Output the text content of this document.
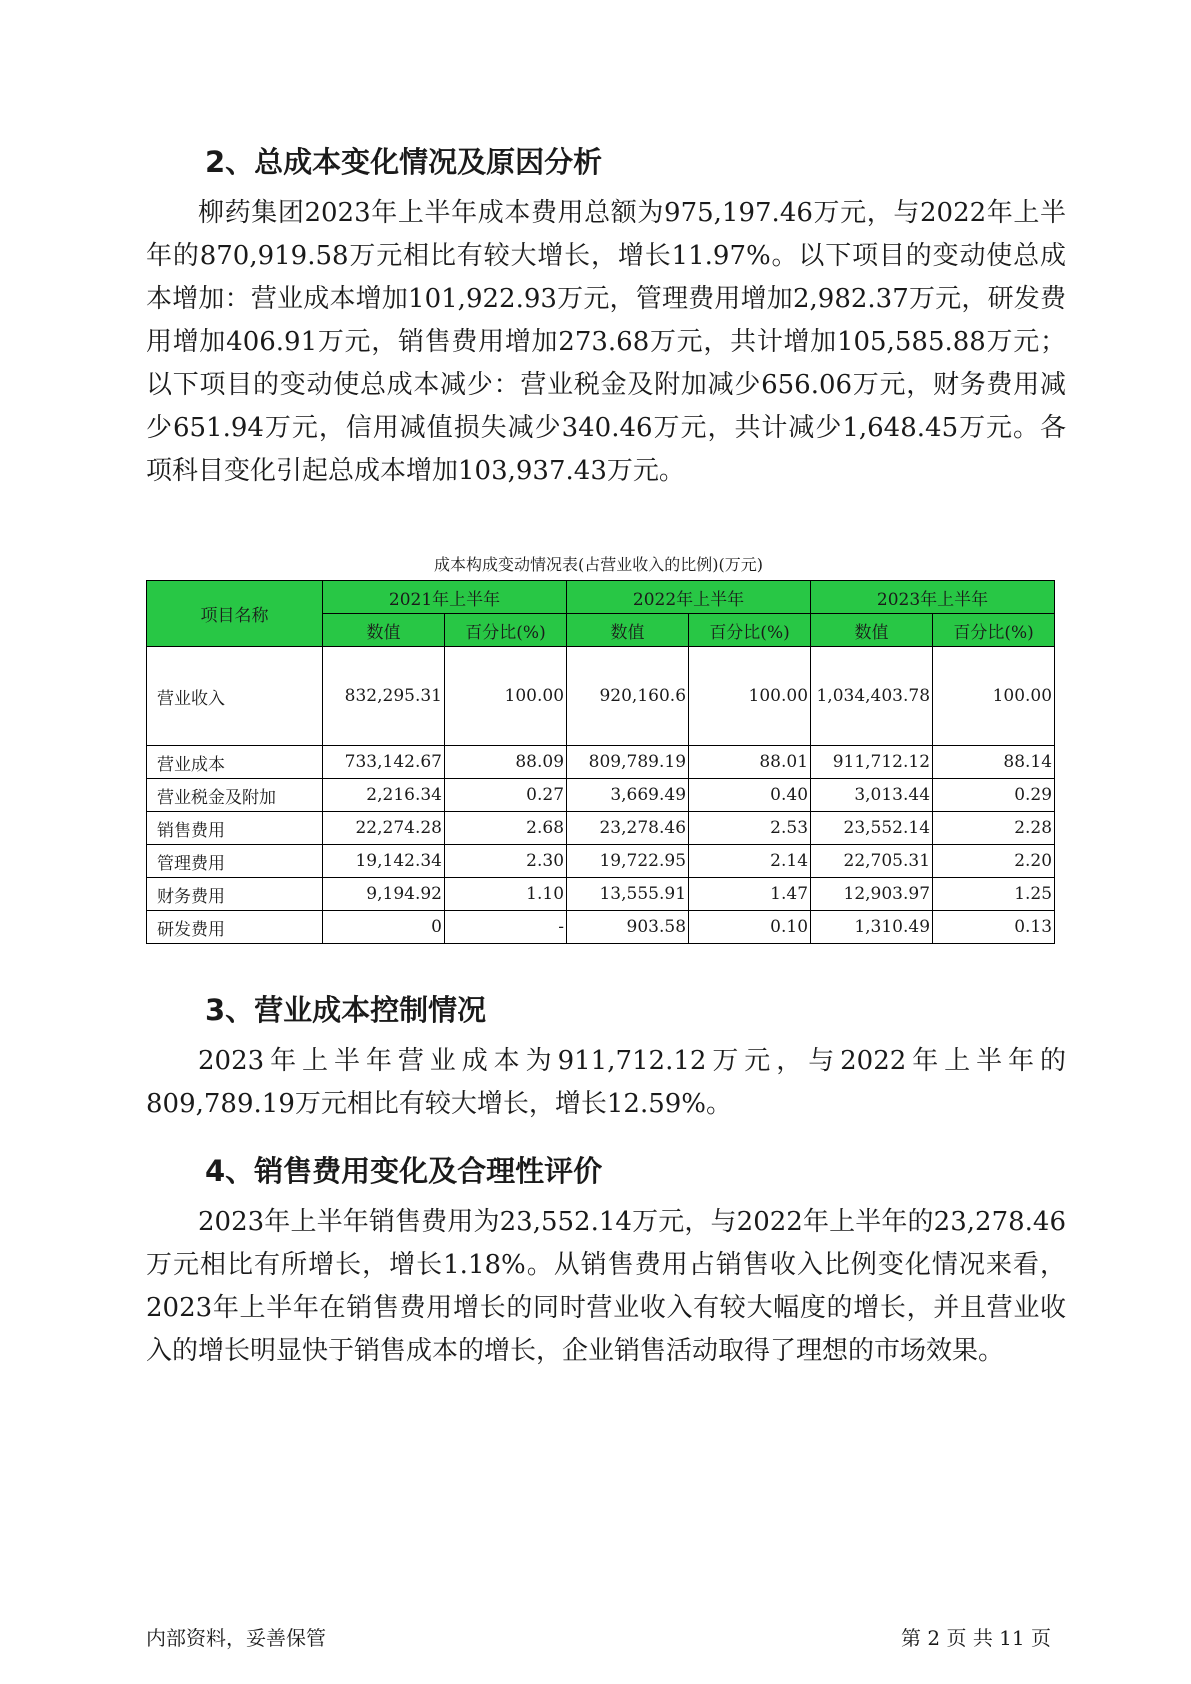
2、总成本变化情况及原因分析

柳药集团2023年上半年成本费用总额为975,197.46万元，与2022年上半年的870,919.58万元相比有较大增长，增长11.97%。以下项目的变动使总成本增加：营业成本增加101,922.93万元，管理费用增加2,982.37万元，研发费用增加406.91万元，销售费用增加273.68万元，共计增加105,585.88万元；以下项目的变动使总成本减少：营业税金及附加减少656.06万元，财务费用减少651.94万元，信用减值损失减少340.46万元，共计减少1,648.45万元。各项科目变化引起总成本增加103,937.43万元。

成本构成变动情况表(占营业收入的比例)(万元)
项目名称	2021年上半年		2022年上半年		2023年上半年	
	数值	百分比(%)	数值	百分比(%)	数值	百分比(%)
营业收入	832,295.31	100.00	920,160.6	100.00	1,034,403.78	100.00
营业成本	733,142.67	88.09	809,789.19	88.01	911,712.12	88.14
营业税金及附加	2,216.34	0.27	3,669.49	0.40	3,013.44	0.29
销售费用	22,274.28	2.68	23,278.46	2.53	23,552.14	2.28
管理费用	19,142.34	2.30	19,722.95	2.14	22,705.31	2.20
财务费用	9,194.92	1.10	13,555.91	1.47	12,903.97	1.25
研发费用	0	-	903.58	0.10	1,310.49	0.13
3、营业成本控制情况

2023年上半年营业成本为911,712.12万元，与2022年上半年的809,789.19万元相比有较大增长，增长12.59%。

4、销售费用变化及合理性评价

2023年上半年销售费用为23,552.14万元，与2022年上半年的23,278.46万元相比有所增长，增长1.18%。从销售费用占销售收入比例变化情况来看，2023年上半年在销售费用增长的同时营业收入有较大幅度的增长，并且营业收入的增长明显快于销售成本的增长，企业销售活动取得了理想的市场效果。

内部资料，妥善保管	第 2 页 共 11 页
